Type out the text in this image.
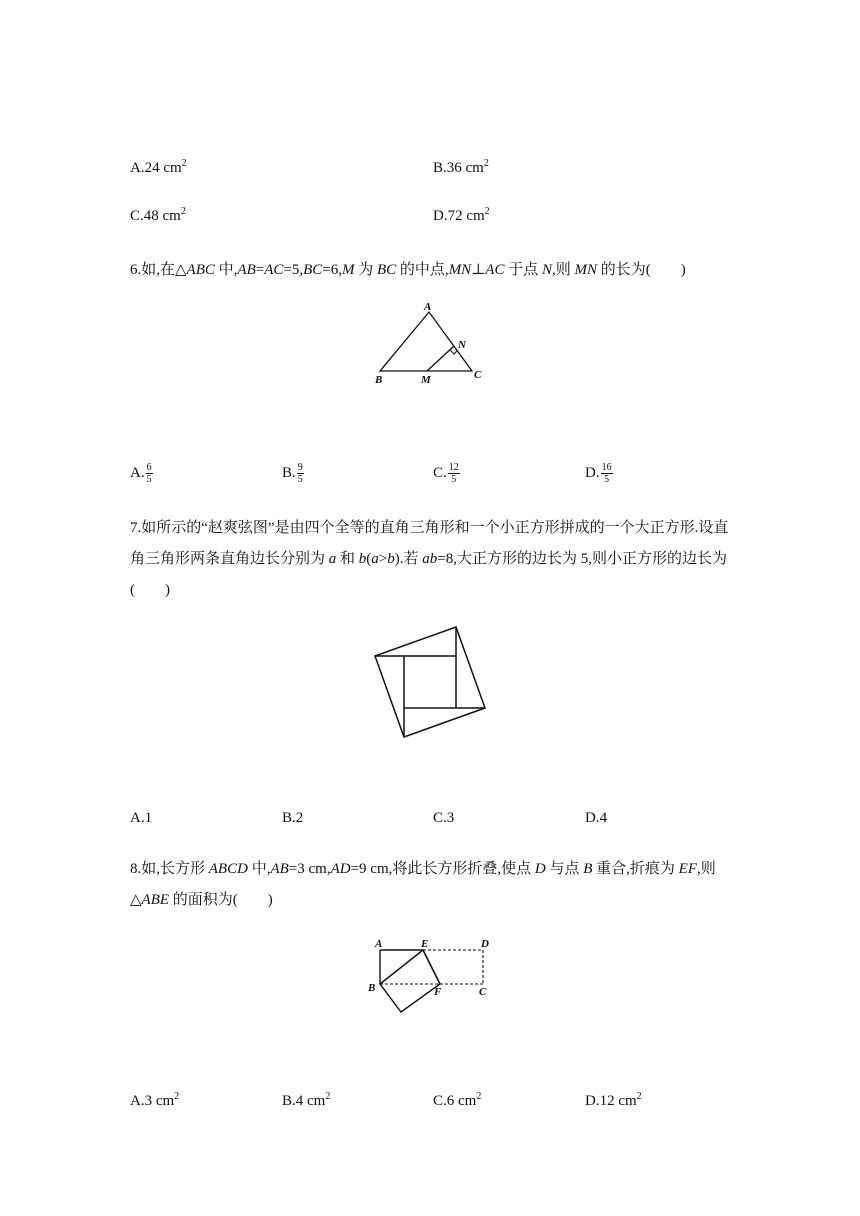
A.24 $cm^2$	B.36 $cm^2$
C.48 $cm^2$	D.72 $cm^2$
6.如,在△ABC 中,AB=AC=5,BC=6,M 为 BC 的中点,MN⊥AC 于点 N,则 MN 的长为(　　)
A
B	C
M
N
A. $\frac{6}{5}$	B. $\frac{9}{5}$	C. $\frac{12}{5}$	D. $\frac{16}{5}$
7.如所示的“赵爽弦图”是由四个全等的直角三角形和一个小正方形拼成的一个大正方形.设直角三角形两条直角边长分别为 a 和 b(a>b).若 ab=8,大正方形的边长为 5,则小正方形的边长为(　　)
A.1	B.2	C.3	D.4
8.如,长方形 ABCD 中,AB=3 cm,AD=9 cm,将此长方形折叠,使点 D 与点 B 重合,折痕为 EF,则△ABE 的面积为(　　)
A	E	D
B	F	C
A.3 $cm^2$	B.4 $cm^2$	C.6 $cm^2$	D.12 $cm^2$
